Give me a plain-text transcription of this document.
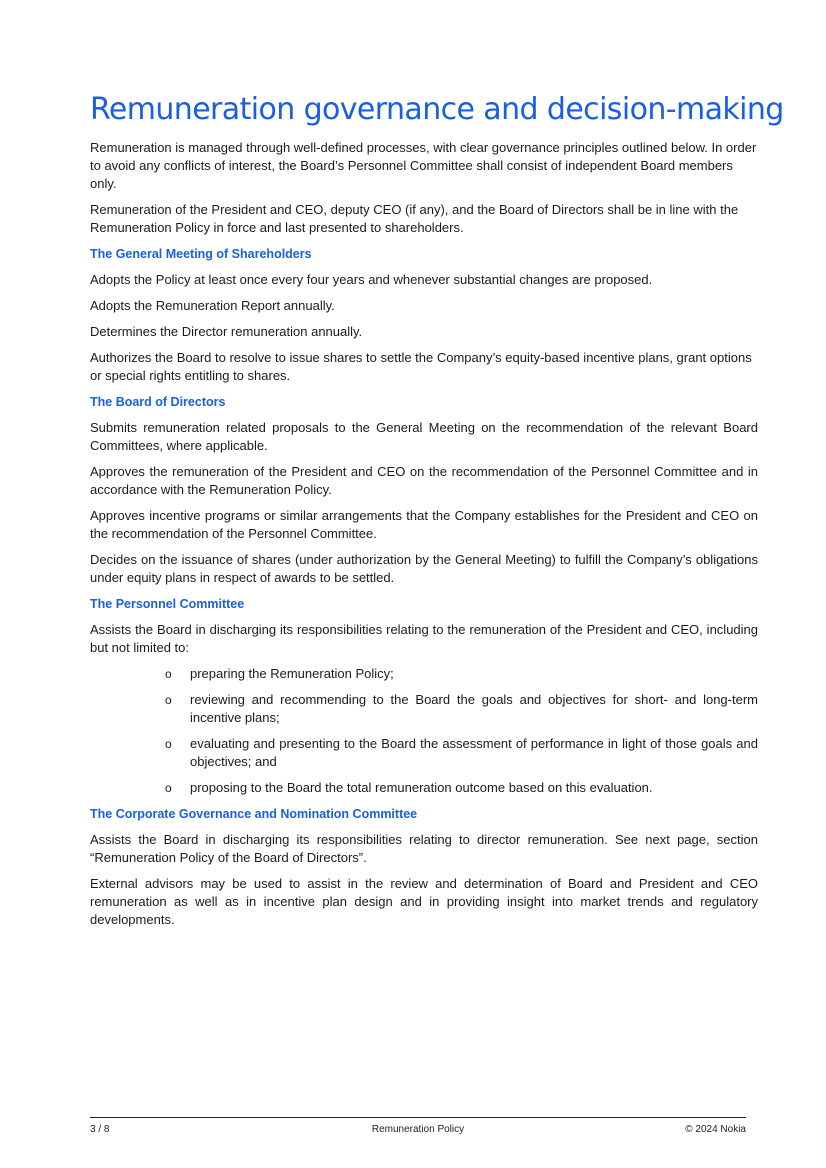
Remuneration governance and decision-making

Remuneration is managed through well-defined processes, with clear governance principles outlined below. In order to avoid any conflicts of interest, the Board’s Personnel Committee shall consist of independent Board members only.

Remuneration of the President and CEO, deputy CEO (if any), and the Board of Directors shall be in line with the Remuneration Policy in force and last presented to shareholders.

The General Meeting of Shareholders

Adopts the Policy at least once every four years and whenever substantial changes are proposed.

Adopts the Remuneration Report annually.

Determines the Director remuneration annually.

Authorizes the Board to resolve to issue shares to settle the Company’s equity-based incentive plans, grant options or special rights entitling to shares.

The Board of Directors

Submits remuneration related proposals to the General Meeting on the recommendation of the relevant Board Committees, where applicable.

Approves the remuneration of the President and CEO on the recommendation of the Personnel Committee and in accordance with the Remuneration Policy.

Approves incentive programs or similar arrangements that the Company establishes for the President and CEO on the recommendation of the Personnel Committee.

Decides on the issuance of shares (under authorization by the General Meeting) to fulfill the Company’s obligations under equity plans in respect of awards to be settled.

The Personnel Committee

Assists the Board in discharging its responsibilities relating to the remuneration of the President and CEO, including but not limited to:

o preparing the Remuneration Policy;
o reviewing and recommending to the Board the goals and objectives for short- and long-term incentive plans;
o evaluating and presenting to the Board the assessment of performance in light of those goals and objectives; and
o proposing to the Board the total remuneration outcome based on this evaluation.
The Corporate Governance and Nomination Committee

Assists the Board in discharging its responsibilities relating to director remuneration. See next page, section “Remuneration Policy of the Board of Directors”.

External advisors may be used to assist in the review and determination of Board and President and CEO remuneration as well as in incentive plan design and in providing insight into market trends and regulatory developments.

3 / 8	Remuneration Policy	© 2024 Nokia
